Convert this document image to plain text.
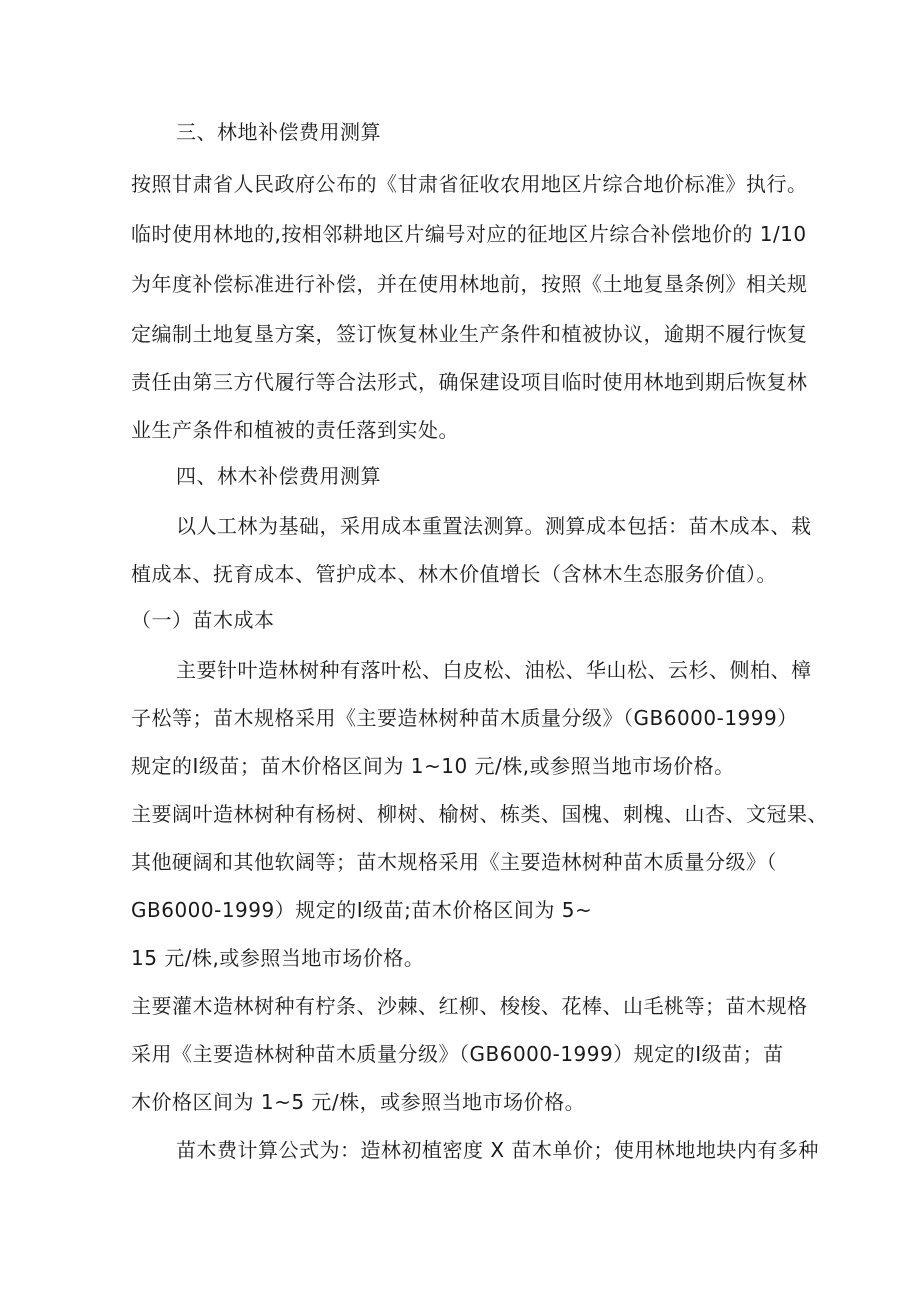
三、林地补偿费用测算
按照甘肃省人民政府公布的《甘肃省征收农用地区片综合地价标准》执行。
临时使用林地的,按相邻耕地区片编号对应的征地区片综合补偿地价的 1/10
为年度补偿标准进行补偿，并在使用林地前，按照《土地复垦条例》相关规
定编制土地复垦方案，签订恢复林业生产条件和植被协议，逾期不履行恢复
责任由第三方代履行等合法形式，确保建设项目临时使用林地到期后恢复林
业生产条件和植被的责任落到实处。
四、林木补偿费用测算
以人工林为基础，采用成本重置法测算。测算成本包括：苗木成本、栽
植成本、抚育成本、管护成本、林木价值增长（含林木生态服务价值）。
（一）苗木成本
主要针叶造林树种有落叶松、白皮松、油松、华山松、云杉、侧柏、樟
子松等；苗木规格采用《主要造林树种苗木质量分级》（GB6000-1999）
规定的Ⅰ级苗；苗木价格区间为 1~10 元/株,或参照当地市场价格。
主要阔叶造林树种有杨树、柳树、榆树、栋类、国槐、刺槐、山杏、文冠果、
其他硬阔和其他软阔等；苗木规格采用《主要造林树种苗木质量分级》（
GB6000-1999）规定的Ⅰ级苗;苗木价格区间为 5~
15 元/株,或参照当地市场价格。
主要灌木造林树种有柠条、沙棘、红柳、梭梭、花棒、山毛桃等；苗木规格
采用《主要造林树种苗木质量分级》（GB6000-1999）规定的Ⅰ级苗；苗
木价格区间为 1~5 元/株，或参照当地市场价格。
苗木费计算公式为：造林初植密度 X 苗木单价；使用林地地块内有多种
